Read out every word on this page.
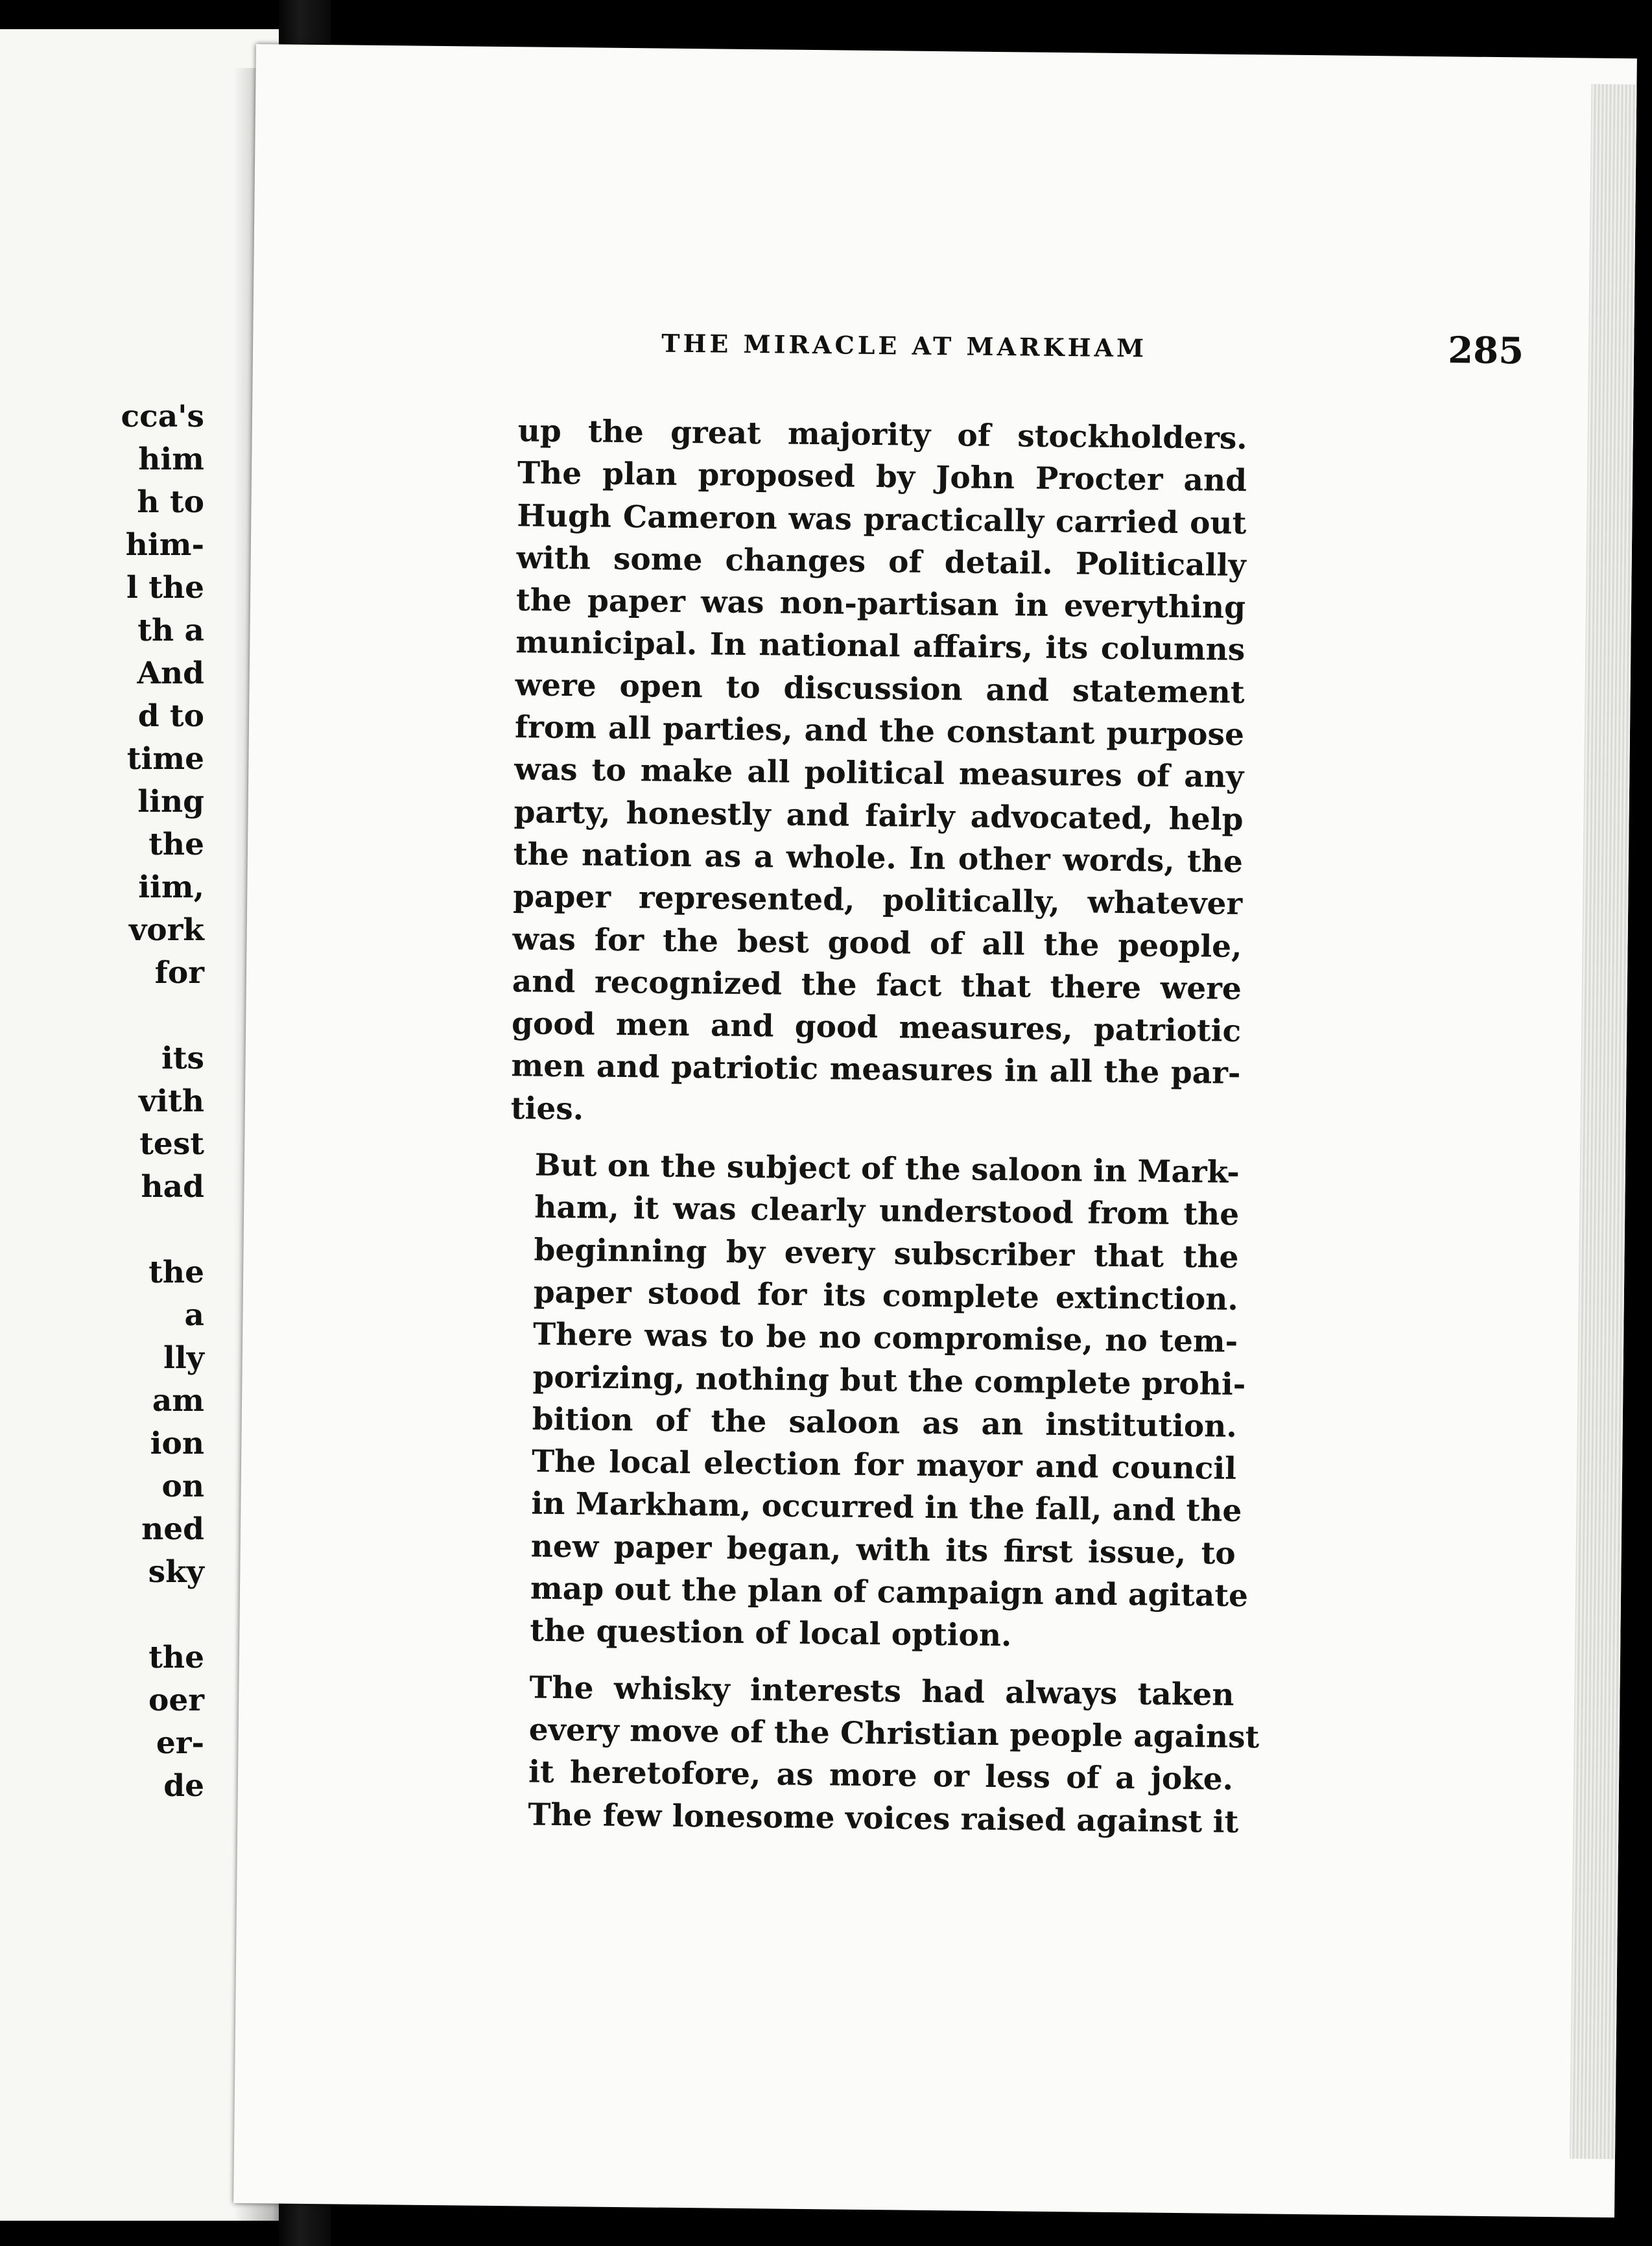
cca's
him
h to
him-
l the
th a
And
d to
time
ling
the
iim,
vork
for
its
vith
test
had
the
a
lly
am
ion
on
ned
sky
the
oer
er-
de
THE MIRACLE AT MARKHAM	285

up the great majority of stockholders.
The plan proposed by John Procter and
Hugh Cameron was practically carried out
with some changes of detail. Politically
the paper was non-partisan in everything
municipal. In national affairs, its columns
were open to discussion and statement
from all parties, and the constant purpose
was to make all political measures of any
party, honestly and fairly advocated, help
the nation as a whole. In other words, the
paper represented, politically, whatever
was for the best good of all the people,
and recognized the fact that there were
good men and good measures, patriotic
men and patriotic measures in all the par-
ties.

But on the subject of the saloon in Mark-
ham, it was clearly understood from the
beginning by every subscriber that the
paper stood for its complete extinction.
There was to be no compromise, no tem-
porizing, nothing but the complete prohi-
bition of the saloon as an institution.
The local election for mayor and council
in Markham, occurred in the fall, and the
new paper began, with its first issue, to
map out the plan of campaign and agitate
the question of local option.

The whisky interests had always taken
every move of the Christian people against
it heretofore, as more or less of a joke.
The few lonesome voices raised against it
